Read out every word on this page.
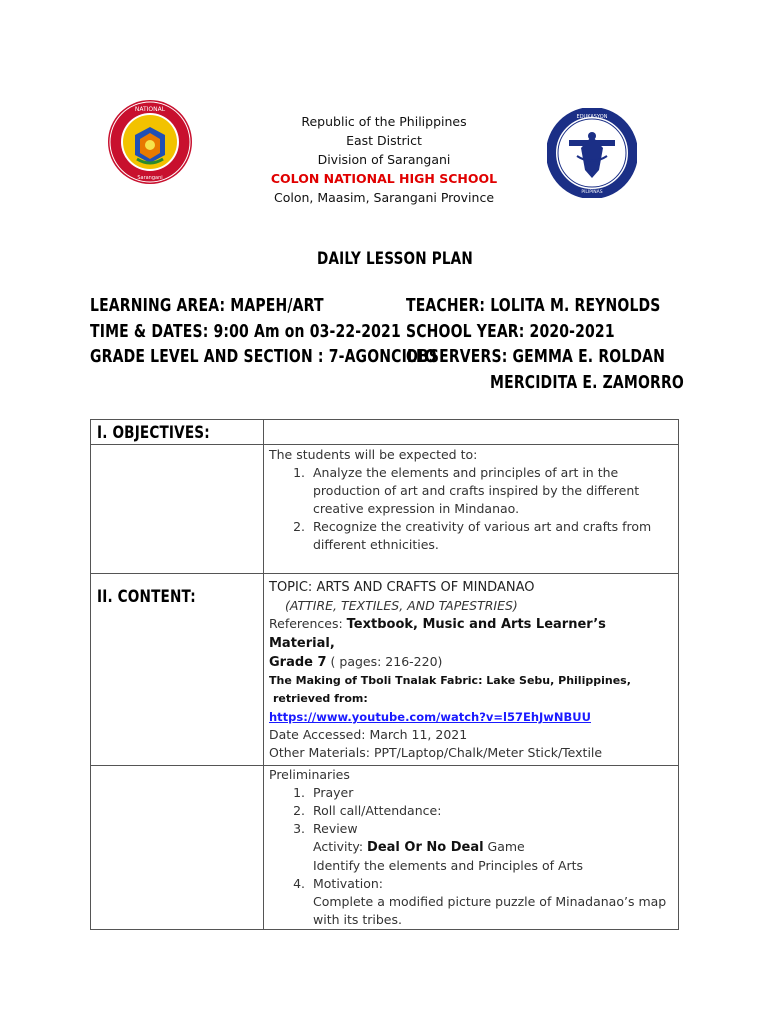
NATIONAL
Sarangani
EDUKASYON
PILIPINAS
Republic of the Philippines
East District
Division of Sarangani
COLON NATIONAL HIGH SCHOOL
Colon, Maasim, Sarangani Province
DAILY LESSON PLAN
LEARNING AREA: MAPEH/ART
TIME & DATES: 9:00 Am on 03-22-2021
GRADE LEVEL AND SECTION : 7-AGONCILLO
TEACHER: LOLITA M. REYNOLDS
SCHOOL YEAR: 2020-2021
OBSERVERS: GEMMA E. ROLDAN
MERCIDITA E. ZAMORRO
I. OBJECTIVES:
II. CONTENT:
The students will be expected to:
1. Analyze the elements and principles of art in the
production of art and crafts inspired by the different
creative expression in Mindanao.
2. Recognize the creativity of various art and crafts from
different ethnicities.
TOPIC: ARTS AND CRAFTS OF MINDANAO
(ATTIRE, TEXTILES, AND TAPESTRIES)
References: Textbook, Music and Arts Learner’s Material,
Grade 7 ( pages: 216-220)
The Making of Tboli Tnalak Fabric: Lake Sebu, Philippines,
retrieved from:
https://www.youtube.com/watch?v=l57EhJwNBUU
Date Accessed: March 11, 2021
Other Materials: PPT/Laptop/Chalk/Meter Stick/Textile
Preliminaries
1. Prayer
2. Roll call/Attendance:
3. Review
Activity: Deal Or No Deal Game
Identify the elements and Principles of Arts
4. Motivation:
Complete a modified picture puzzle of Minadanao’s map
with its tribes.
